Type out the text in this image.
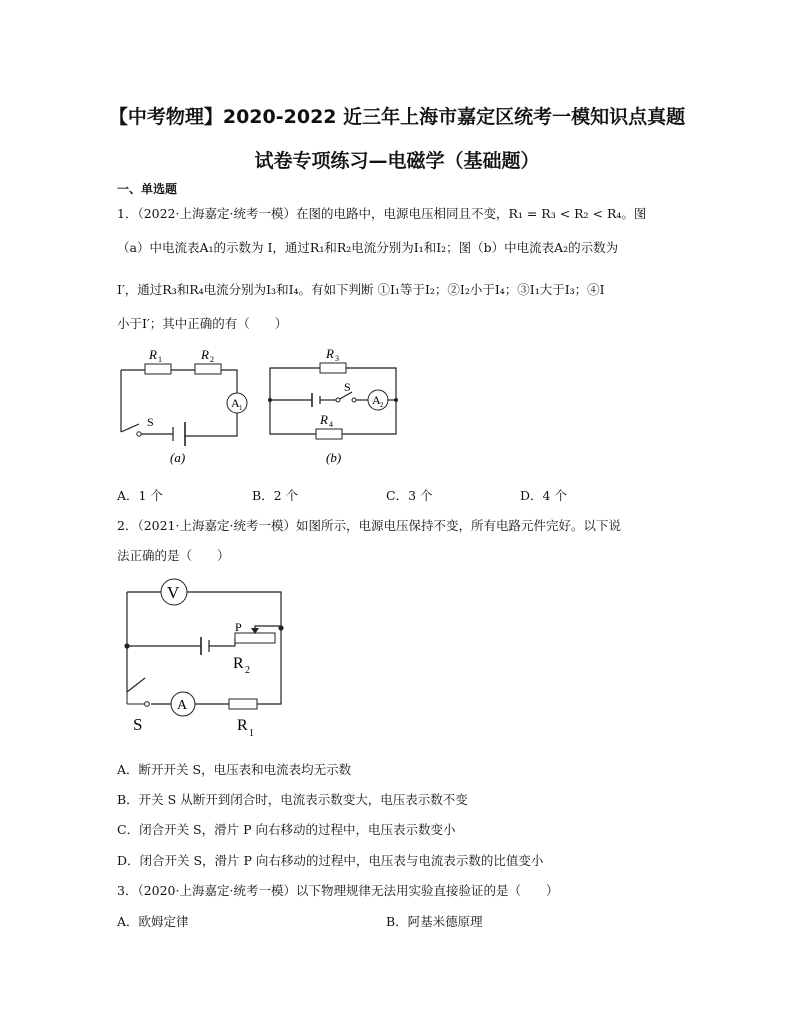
【中考物理】2020-2022 近三年上海市嘉定区统考一模知识点真题
试卷专项练习—电磁学（基础题）
一、单选题
1．（2022·上海嘉定·统考一模）在图的电路中，电源电压相同且不变，R₁ = R₃ < R₂ < R₄。图
（a）中电流表A₁的示数为 I，通过R₁和R₂电流分别为I₁和I₂；图（b）中电流表A₂的示数为
I′，通过R₃和R₄电流分别为I₃和I₄。有如下判断 ①I₁等于I₂；②I₂小于I₄；③I₁大于I₃；④I
小于I′；其中正确的有（　　）
A 1
R 1	R 2
S
(a)
A 2
R 3
R 4
S
(b)
A．1 个	B．2 个	C．3 个	D．4 个
2．（2021·上海嘉定·统考一模）如图所示，电源电压保持不变，所有电路元件完好。以下说
法正确的是（　　）
V
A
P
R 2
R 1
S
A．断开开关 S，电压表和电流表均无示数
B．开关 S 从断开到闭合时，电流表示数变大，电压表示数不变
C．闭合开关 S，滑片 P 向右移动的过程中，电压表示数变小
D．闭合开关 S，滑片 P 向右移动的过程中，电压表与电流表示数的比值变小
3．（2020·上海嘉定·统考一模）以下物理规律无法用实验直接验证的是（　　）
A．欧姆定律	B．阿基米德原理
